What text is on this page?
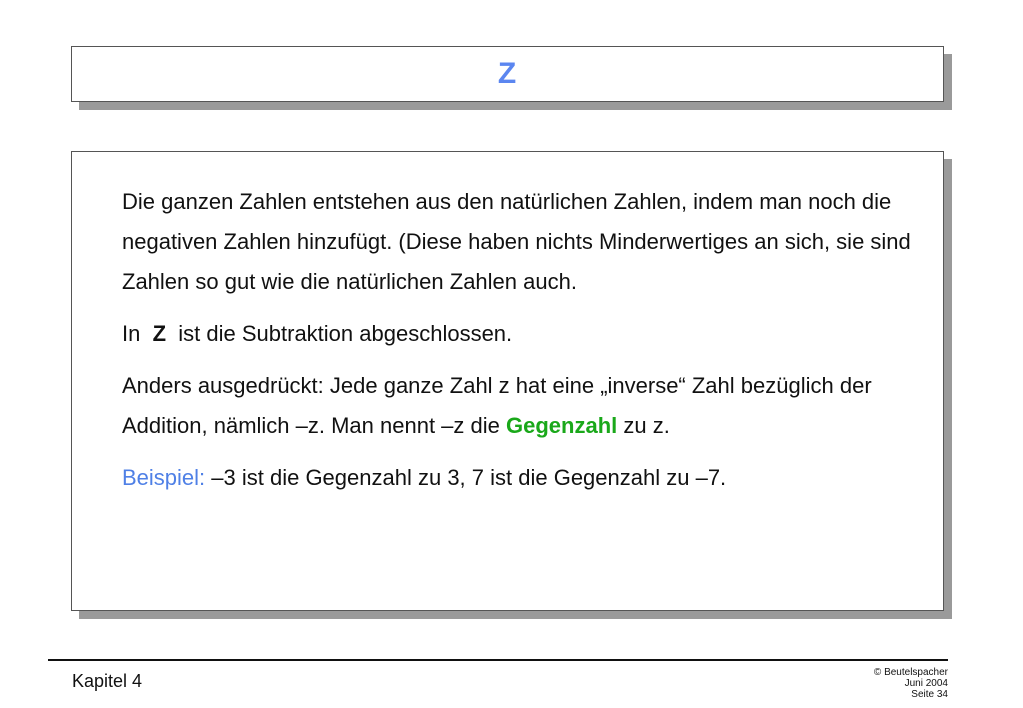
Z

Die ganzen Zahlen entstehen aus den natürlichen Zahlen, indem man noch die negativen Zahlen hinzufügt. (Diese haben nichts Minderwertiges an sich, sie sind Zahlen so gut wie die natürlichen Zahlen auch.

In Z ist die Subtraktion abgeschlossen.

Anders ausgedrückt: Jede ganze Zahl z hat eine „inverse“ Zahl bezüglich der Addition, nämlich –z. Man nennt –z die Gegenzahl zu z.

Beispiel: –3 ist die Gegenzahl zu 3, 7 ist die Gegenzahl zu –7.

Kapitel 4	© Beutelspacher
Juni 2004
Seite 34
